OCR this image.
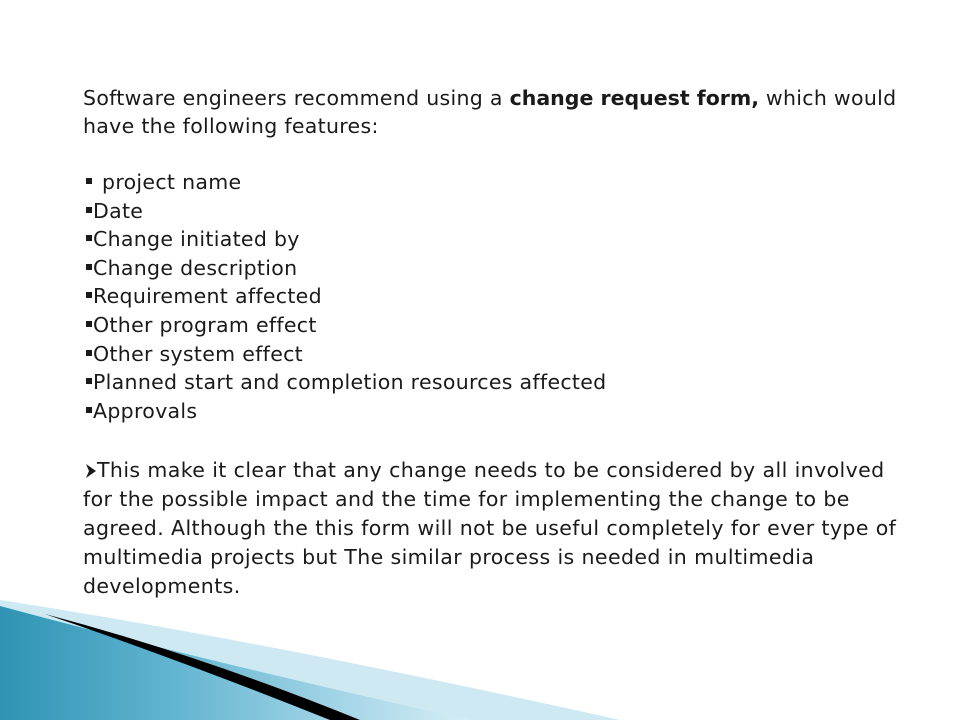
Software engineers recommend using a change request form, which would have the following features:

project name
Date
Change initiated by
Change description
Requirement affected
Other program effect
Other system effect
Planned start and completion resources affected
Approvals

This make it clear that any change needs to be considered by all involved for the possible impact and the time for implementing the change to be agreed. Although the this form will not be useful completely for ever type of multimedia projects but The similar process is needed in multimedia developments.
